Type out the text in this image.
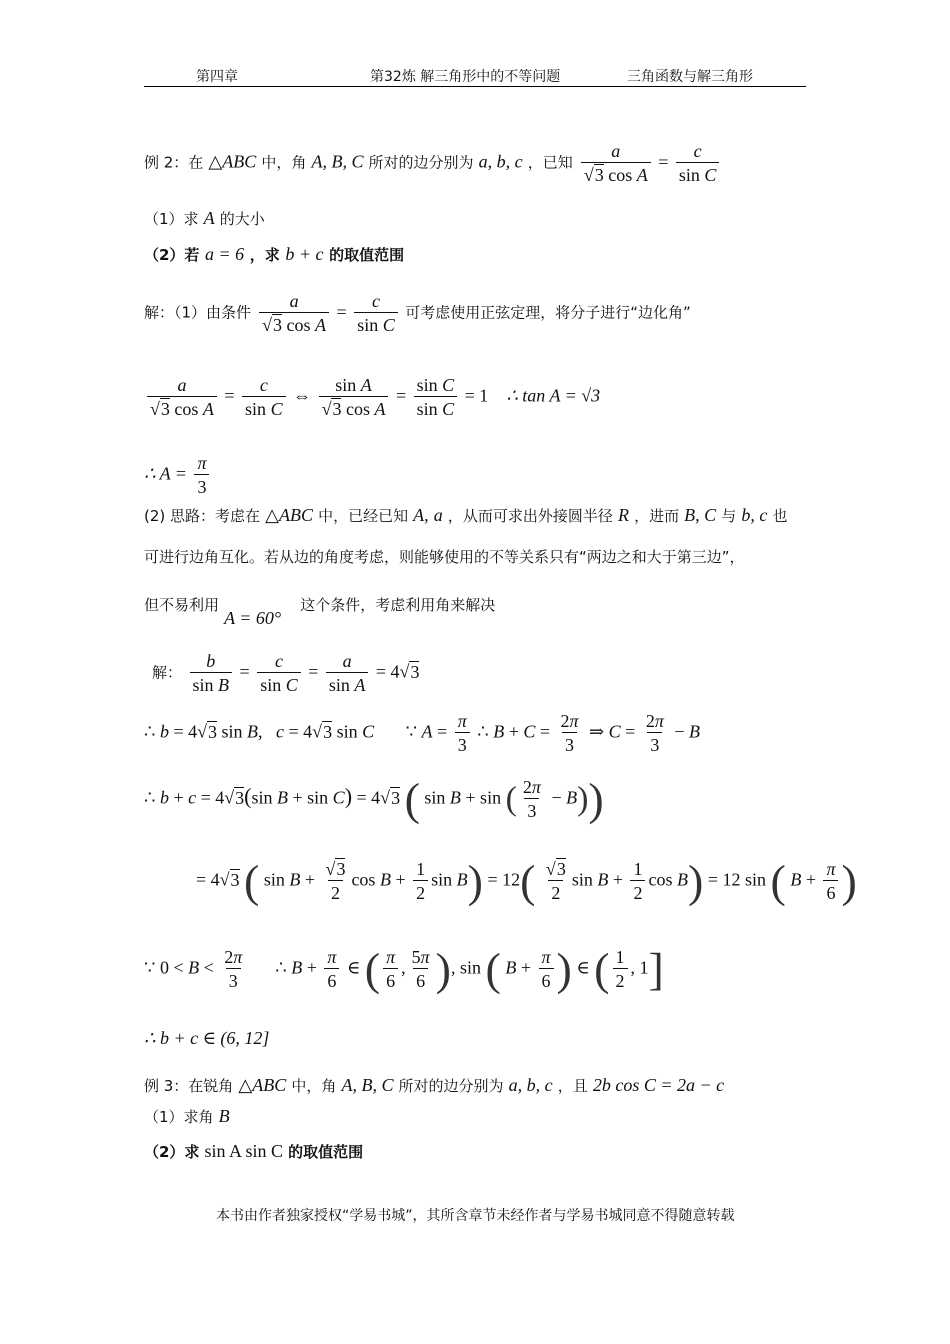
第四章	第32炼 解三角形中的不等问题	三角函数与解三角形
例 2：在 △ABC 中，角 A, B, C 所对的边分别为 a, b, c ，已知 $\frac{a}{\text{√3 cos A}} = \frac{c}{\text{sin C}}$
（1）求 A 的大小
（2）若 a = 6 ，求 b + c 的取值范围
解：（1）由条件 $\frac{a}{\text{√3 cos A}} = \frac{c}{\text{sin C}}$ 可考虑使用正弦定理，将分子进行“边化角”
$\frac{a}{\text{√3 cos A}} = \frac{c}{\text{sin C}}$ ⇔ $\frac{\text{sin A}}{\text{√3 cos A}} = \frac{\text{sin C}}{\text{sin C}} = 1$ ∴ tan A = √3
∴ $A = \frac{\pi}{3}$
(2) 思路：考虑在 △ABC 中，已经已知 A, a ，从而可求出外接圆半径 R ，进而 B, C 与 b, c 也
可进行边角互化。若从边的角度考虑，则能够使用的不等关系只有“两边之和大于第三边”，
但不易利用 A = 60° 这个条件，考虑利用角来解决
解： $\frac{b}{\text{sin B}} = \frac{c}{\text{sin C}} = \frac{a}{\text{sin A}} = 4√3$
∴ b = 4√3 sin B,   c = 4√3 sin C       ∵ $A = \frac{\pi}{3}$ ∴ $B + C = \frac{2\pi}{3}$ ⇒ $C = \frac{2\pi}{3} - B$
∴ b + c = 4√3(sin B + sin C) = 4√3 ( sin B + sin ( $\frac{2\pi}{3} - B$))
= 4√3 ( $\sin B + \frac{√3}{2}$ $\cos B + \frac{1}{2}$ $\sin B) = 12( \frac{√3}{2}$ $\sin B + \frac{1}{2}$ cos B) = 12 sin ( $B + \frac{\pi}{6}$ )
∵ $0 < B < \frac{2\pi}{3}$ ∴ $B + \frac{\pi}{6}$ ∈ ( $\frac{\pi}{6}$ , $\frac{5\pi}{6}$ ), sin ( $B + \frac{\pi}{6}$ ) ∈ ( $\frac{1}{2}$ , 1]
∴ b + c ∈ (6, 12]
例 3：在锐角 △ABC 中，角 A, B, C 所对的边分别为 a, b, c ，且 2b cos C = 2a − c
（1）求角 B
（2）求 sin A sin C 的取值范围
本书由作者独家授权“学易书城”，其所含章节未经作者与学易书城同意不得随意转载
